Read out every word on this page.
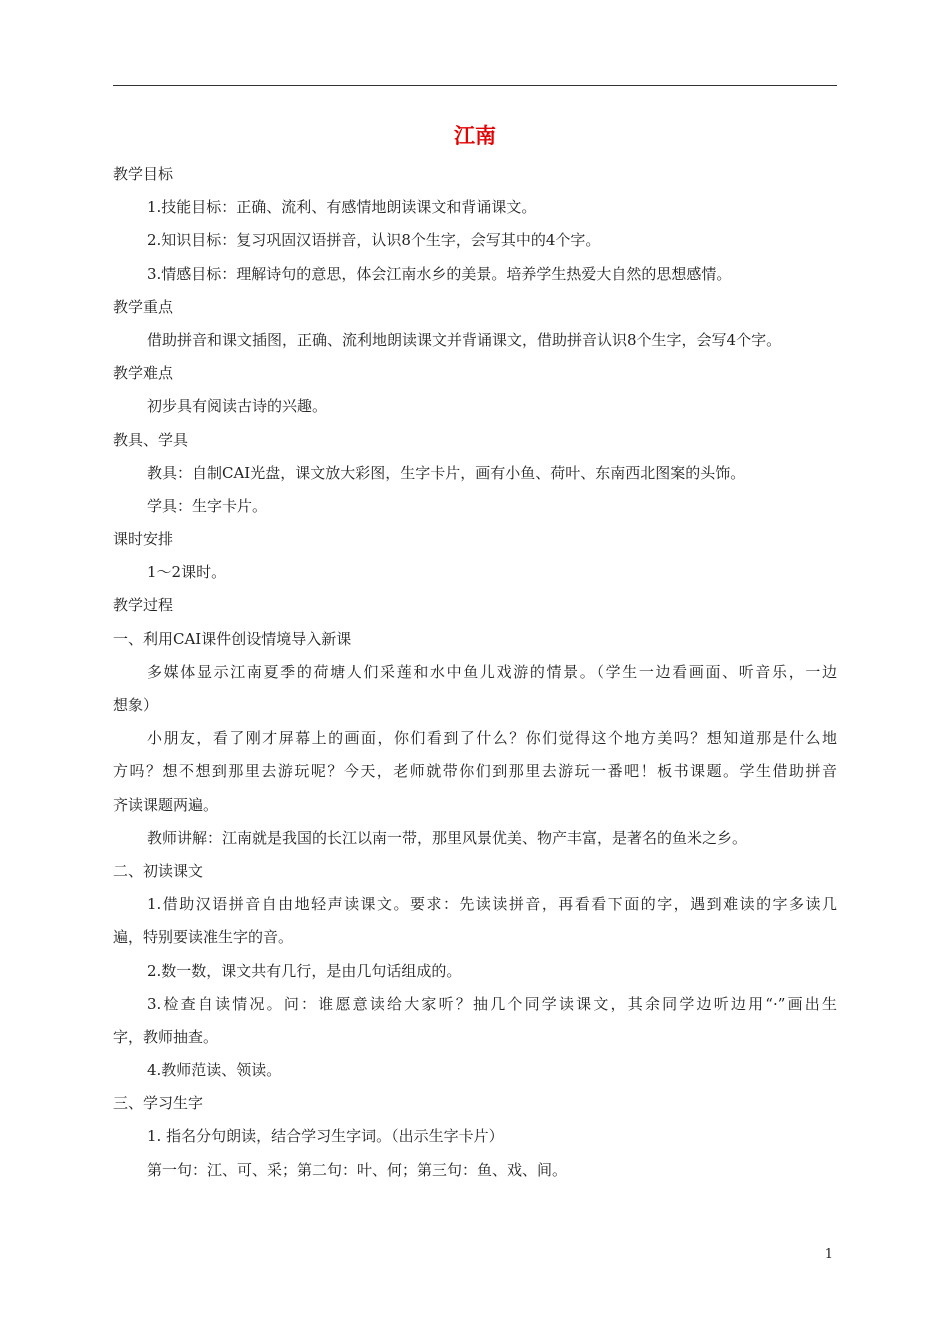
江南
教学目标
1.技能目标：正确、流利、有感情地朗读课文和背诵课文。
2.知识目标：复习巩固汉语拼音，认识8个生字，会写其中的4个字。
3.情感目标：理解诗句的意思，体会江南水乡的美景。培养学生热爱大自然的思想感情。
教学重点
借助拼音和课文插图，正确、流利地朗读课文并背诵课文，借助拼音认识8个生字，会写4个字。
教学难点
初步具有阅读古诗的兴趣。
教具、学具
教具：自制CAI光盘，课文放大彩图，生字卡片，画有小鱼、荷叶、东南西北图案的头饰。
学具：生字卡片。
课时安排
1～2课时。
教学过程
一、利用CAI课件创设情境导入新课
多媒体显示江南夏季的荷塘人们采莲和水中鱼儿戏游的情景。（学生一边看画面、听音乐，一边
想象）
小朋友，看了刚才屏幕上的画面，你们看到了什么？你们觉得这个地方美吗？想知道那是什么地
方吗？想不想到那里去游玩呢？今天，老师就带你们到那里去游玩一番吧！板书课题。学生借助拼音
齐读课题两遍。
教师讲解：江南就是我国的长江以南一带，那里风景优美、物产丰富，是著名的鱼米之乡。
二、初读课文
1.借助汉语拼音自由地轻声读课文。要求：先读读拼音，再看看下面的字，遇到难读的字多读几
遍，特别要读准生字的音。
2.数一数，课文共有几行，是由几句话组成的。
3.检查自读情况。问：谁愿意读给大家听？抽几个同学读课文，其余同学边听边用“·”画出生
字，教师抽查。
4.教师范读、领读。
三、学习生字
1. 指名分句朗读，结合学习生字词。（出示生字卡片）
第一句：江、可、采；第二句：叶、何；第三句：鱼、戏、间。
1
